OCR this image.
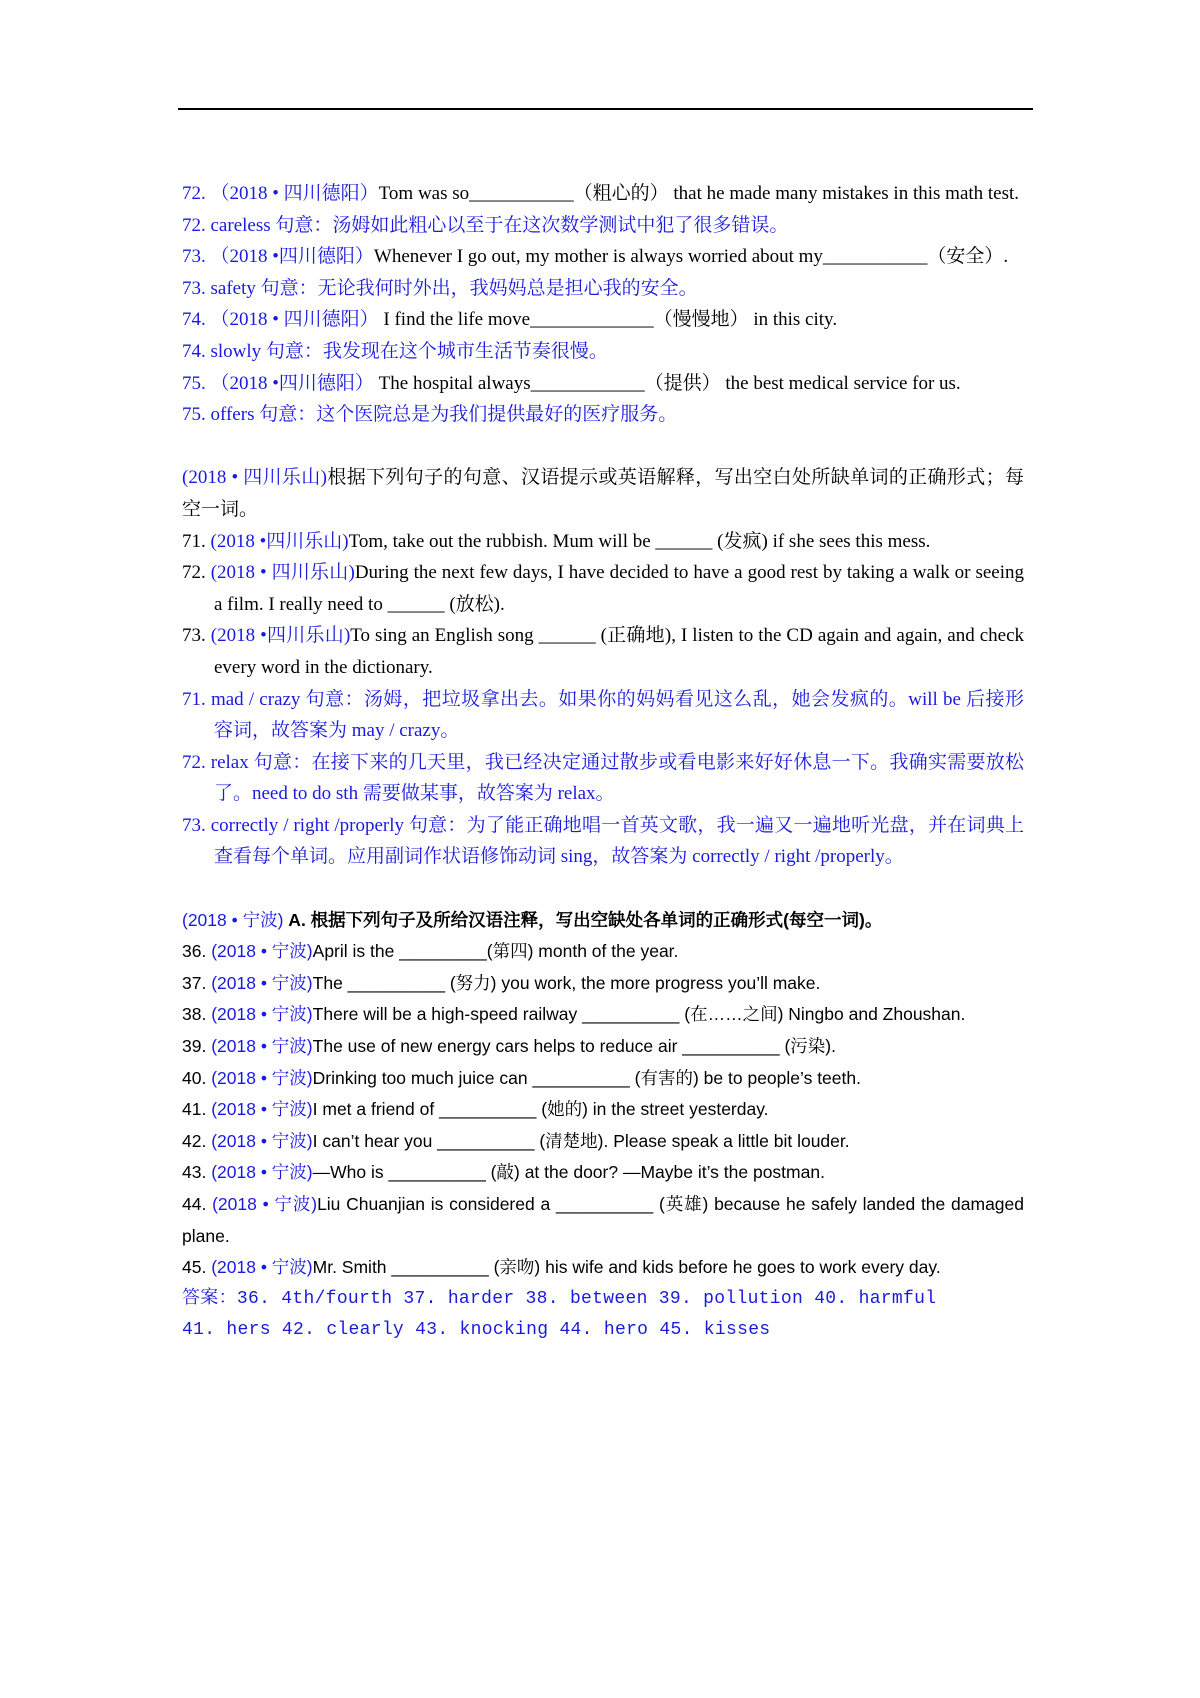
72. （2018 • 四川德阳）Tom was so___________（粗心的） that he made many mistakes in this math test.

72. careless 句意：汤姆如此粗心以至于在这次数学测试中犯了很多错误。

73. （2018 •四川德阳）Whenever I go out, my mother is always worried about my___________（安全）.

73. safety 句意：无论我何时外出，我妈妈总是担心我的安全。

74. （2018 • 四川德阳） I find the life move_____________（慢慢地） in this city.

74. slowly 句意：我发现在这个城市生活节奏很慢。

75. （2018 •四川德阳） The hospital always____________（提供） the best medical service for us.

75. offers 句意：这个医院总是为我们提供最好的医疗服务。

(2018 • 四川乐山)根据下列句子的句意、汉语提示或英语解释，写出空白处所缺单词的正确形式；每空一词。

71. (2018 •四川乐山)Tom, take out the rubbish. Mum will be ______ (发疯) if she sees this mess.

72. (2018 • 四川乐山)During the next few days, I have decided to have a good rest by taking a walk or seeing a film. I really need to ______ (放松).

73. (2018 •四川乐山)To sing an English song ______ (正确地), I listen to the CD again and again, and check every word in the dictionary.

71. mad / crazy 句意：汤姆，把垃圾拿出去。如果你的妈妈看见这么乱，她会发疯的。will be 后接形容词，故答案为 may / crazy。

72. relax 句意：在接下来的几天里，我已经决定通过散步或看电影来好好休息一下。我确实需要放松了。need to do sth 需要做某事，故答案为 relax。

73. correctly / right /properly 句意：为了能正确地唱一首英文歌，我一遍又一遍地听光盘，并在词典上查看每个单词。应用副词作状语修饰动词 sing，故答案为 correctly / right /properly。

(2018 • 宁波) A. 根据下列句子及所给汉语注释，写出空缺处各单词的正确形式(每空一词)。

36. (2018 • 宁波)April is the _________(第四) month of the year.

37. (2018 • 宁波)The __________ (努力) you work, the more progress you’ll make.

38. (2018 • 宁波)There will be a high-speed railway __________ (在……之间) Ningbo and Zhoushan.

39. (2018 • 宁波)The use of new energy cars helps to reduce air __________ (污染).

40. (2018 • 宁波)Drinking too much juice can __________ (有害的) be to people’s teeth.

41. (2018 • 宁波)I met a friend of __________ (她的) in the street yesterday.

42. (2018 • 宁波)I can’t hear you __________ (清楚地). Please speak a little bit louder.

43. (2018 • 宁波)—Who is __________ (敲) at the door? —Maybe it’s the postman.

44. (2018 • 宁波)Liu Chuanjian is considered a __________ (英雄) because he safely landed the damaged plane.

45. (2018 • 宁波)Mr. Smith __________ (亲吻) his wife and kids before he goes to work every day.

答案：36. 4th/fourth 37. harder 38. between 39. pollution 40. harmful

41. hers 42. clearly 43. knocking 44. hero 45. kisses
